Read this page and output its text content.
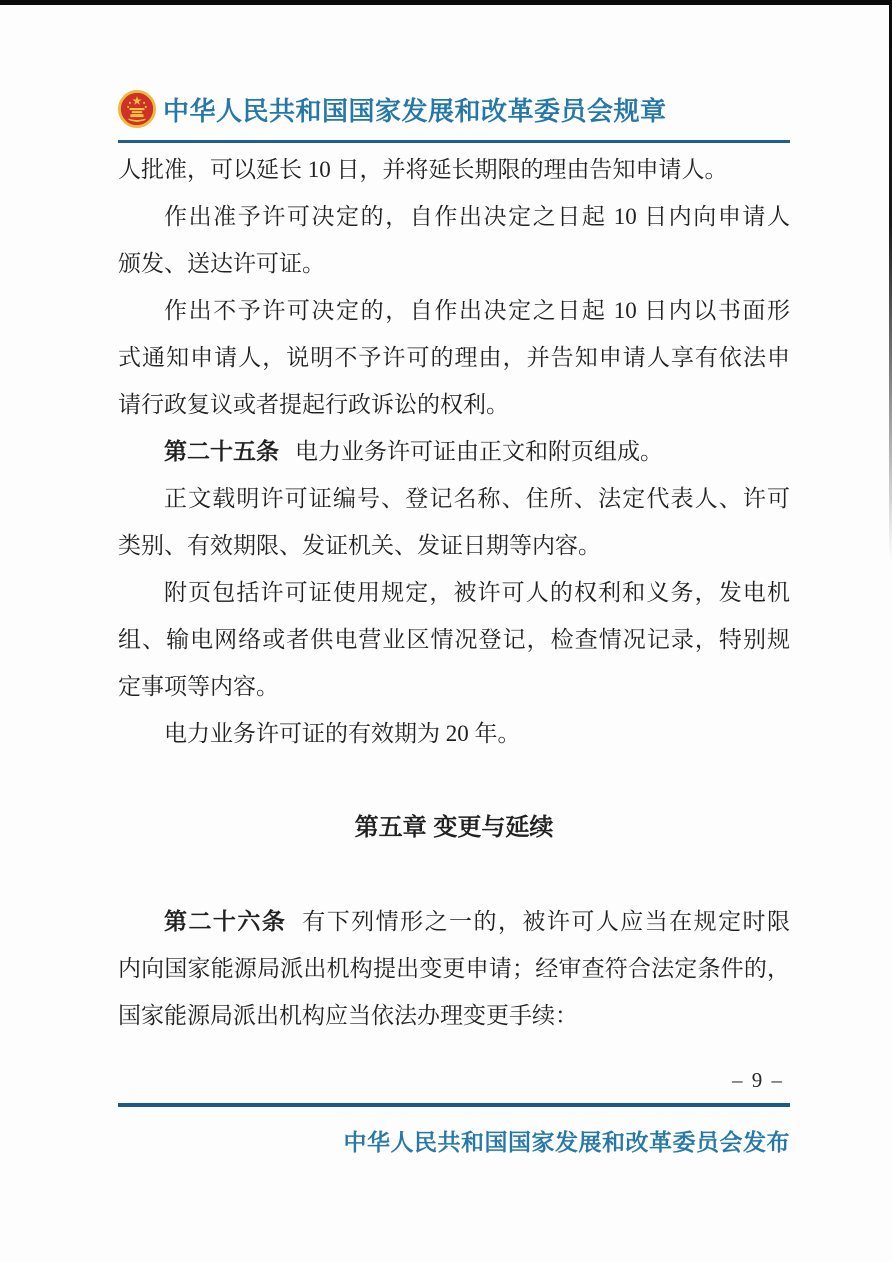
中华人民共和国国家发展和改革委员会规章
人批准，可以延长 10 日，并将延长期限的理由告知申请人。
作出准予许可决定的，自作出决定之日起 10 日内向申请人
颁发、送达许可证。
作出不予许可决定的，自作出决定之日起 10 日内以书面形
式通知申请人，说明不予许可的理由，并告知申请人享有依法申
请行政复议或者提起行政诉讼的权利。
第二十五条 电力业务许可证由正文和附页组成。
正文载明许可证编号、登记名称、住所、法定代表人、许可
类别、有效期限、发证机关、发证日期等内容。
附页包括许可证使用规定，被许可人的权利和义务，发电机
组、输电网络或者供电营业区情况登记，检查情况记录，特别规
定事项等内容。
电力业务许可证的有效期为 20 年。
第五章 变更与延续
第二十六条 有下列情形之一的，被许可人应当在规定时限
内向国家能源局派出机构提出变更申请；经审查符合法定条件的，
国家能源局派出机构应当依法办理变更手续：
– 9 –
中华人民共和国国家发展和改革委员会发布
